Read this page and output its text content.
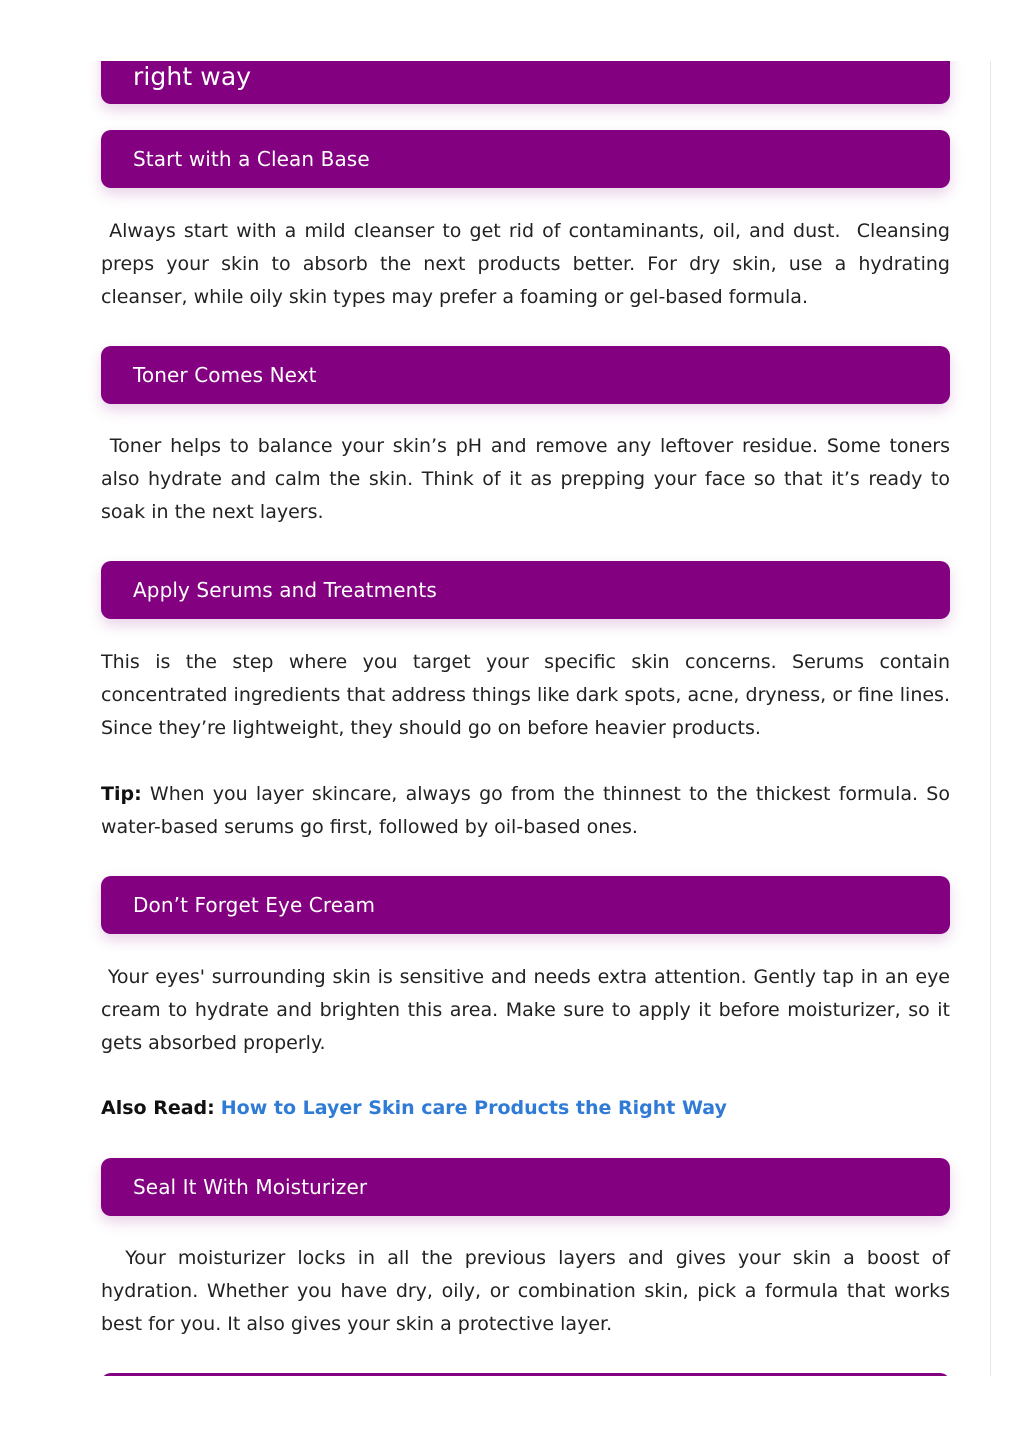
right way
Start with a Clean Base

Always start with a mild cleanser to get rid of contaminants, oil, and dust.  Cleansing preps your skin to absorb the next products better. For dry skin, use a hydrating cleanser, while oily skin types may prefer a foaming or gel-based formula.

Toner Comes Next

Toner helps to balance your skin’s pH and remove any leftover residue. Some toners also hydrate and calm the skin. Think of it as prepping your face so that it’s ready to soak in the next layers.

Apply Serums and Treatments

This is the step where you target your specific skin concerns. Serums contain concentrated ingredients that address things like dark spots, acne, dryness, or fine lines. Since they’re lightweight, they should go on before heavier products.

Tip: When you layer skincare, always go from the thinnest to the thickest formula. So water-based serums go first, followed by oil-based ones.

Don’t Forget Eye Cream

Your eyes' surrounding skin is sensitive and needs extra attention. Gently tap in an eye cream to hydrate and brighten this area. Make sure to apply it before moisturizer, so it gets absorbed properly.

Also Read: How to Layer Skin care Products the Right Way

Seal It With Moisturizer

Your moisturizer locks in all the previous layers and gives your skin a boost of hydration. Whether you have dry, oily, or combination skin, pick a formula that works best for you. It also gives your skin a protective layer.
